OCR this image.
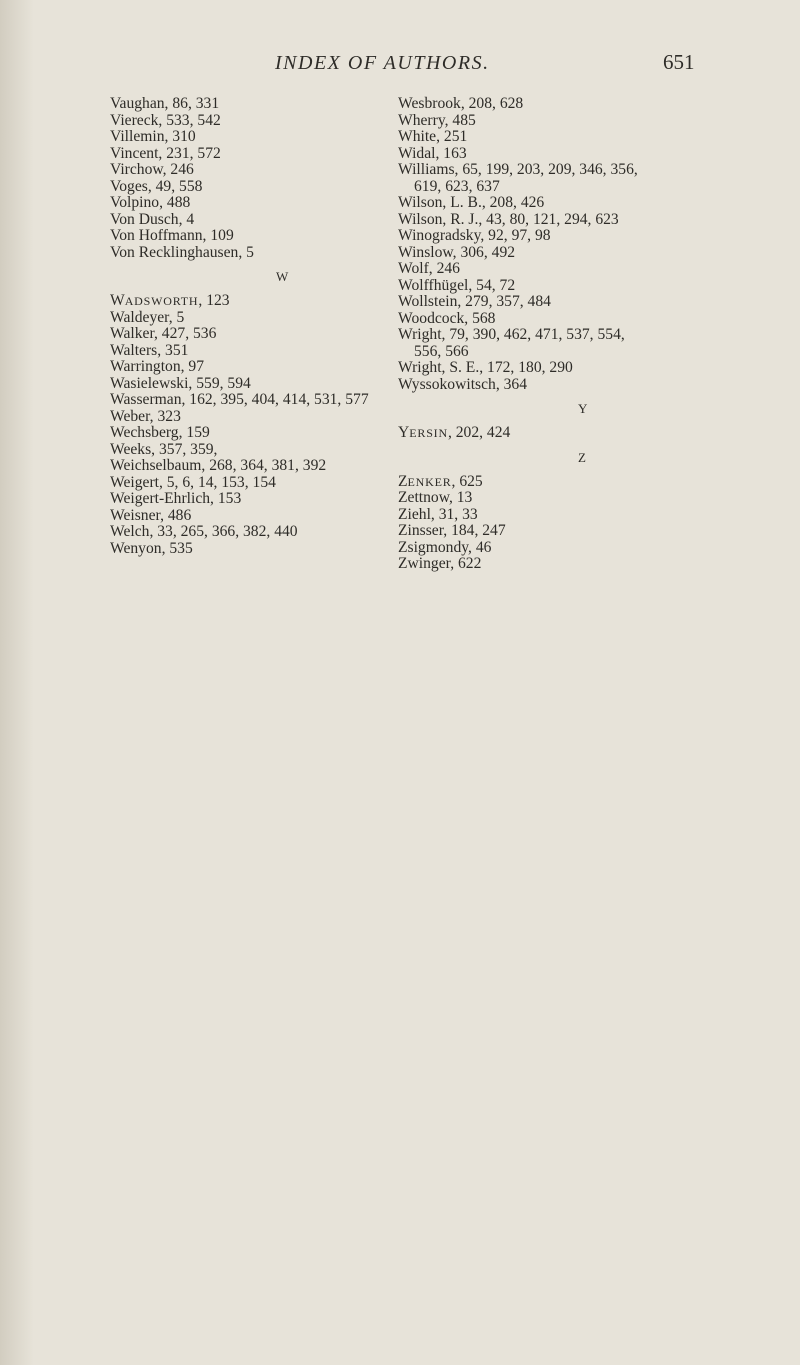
INDEX OF AUTHORS.	651
Vaughan, 86, 331
Viereck, 533, 542
Villemin, 310
Vincent, 231, 572
Virchow, 246
Voges, 49, 558
Volpino, 488
Von Dusch, 4
Von Hoffmann, 109
Von Recklinghausen, 5
W
WADSWORTH, 123
Waldeyer, 5
Walker, 427, 536
Walters, 351
Warrington, 97
Wasielewski, 559, 594
Wasserman, 162, 395, 404, 414, 531, 577
Weber, 323
Wechsberg, 159
Weeks, 357, 359,
Weichselbaum, 268, 364, 381, 392
Weigert, 5, 6, 14, 153, 154
Weigert-Ehrlich, 153
Weisner, 486
Welch, 33, 265, 366, 382, 440
Wenyon, 535
Wesbrook, 208, 628
Wherry, 485
White, 251
Widal, 163
Williams, 65, 199, 203, 209, 346, 356,
619, 623, 637
Wilson, L. B., 208, 426
Wilson, R. J., 43, 80, 121, 294, 623
Winogradsky, 92, 97, 98
Winslow, 306, 492
Wolf, 246
Wolffhügel, 54, 72
Wollstein, 279, 357, 484
Woodcock, 568
Wright, 79, 390, 462, 471, 537, 554,
556, 566
Wright, S. E., 172, 180, 290
Wyssokowitsch, 364
Y
YERSIN, 202, 424
Z
ZENKER, 625
Zettnow, 13
Ziehl, 31, 33
Zinsser, 184, 247
Zsigmondy, 46
Zwinger, 622
